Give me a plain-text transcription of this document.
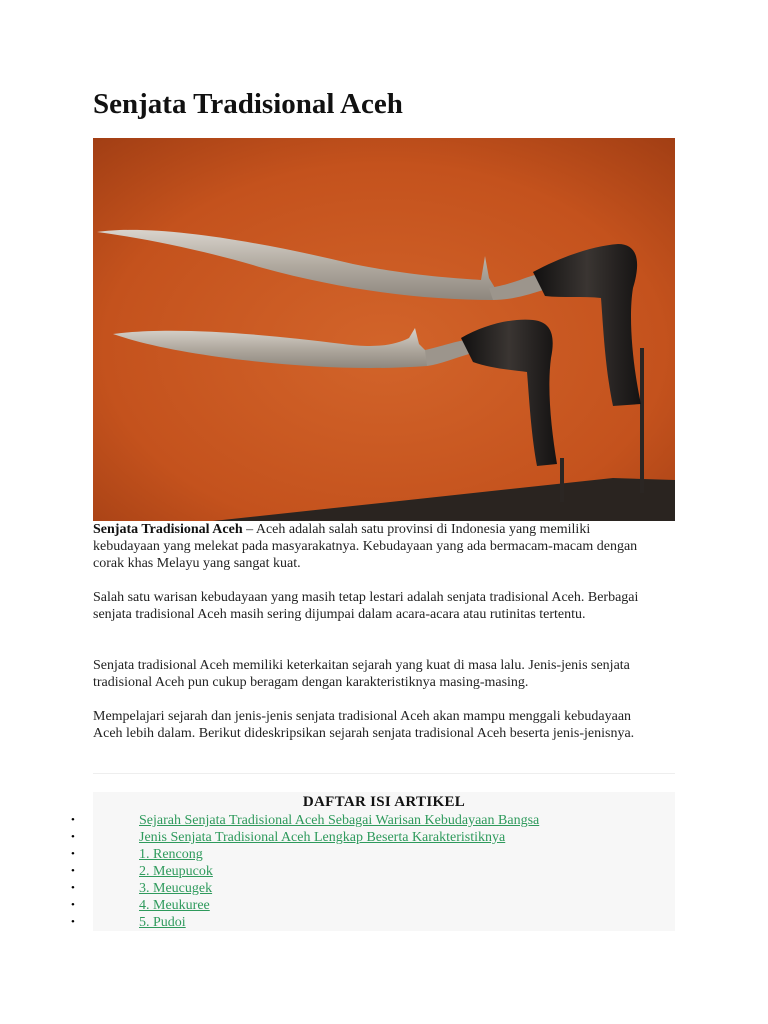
Senjata Tradisional Aceh

Senjata Tradisional Aceh – Aceh adalah salah satu provinsi di Indonesia yang memiliki kebudayaan yang melekat pada masyarakatnya. Kebudayaan yang ada bermacam-macam dengan corak khas Melayu yang sangat kuat.

Salah satu warisan kebudayaan yang masih tetap lestari adalah senjata tradisional Aceh. Berbagai senjata tradisional Aceh masih sering dijumpai dalam acara-acara atau rutinitas tertentu.

Senjata tradisional Aceh memiliki keterkaitan sejarah yang kuat di masa lalu. Jenis-jenis senjata tradisional Aceh pun cukup beragam dengan karakteristiknya masing-masing.

Mempelajari sejarah dan jenis-jenis senjata tradisional Aceh akan mampu menggali kebudayaan Aceh lebih dalam. Berikut dideskripsikan sejarah senjata tradisional Aceh beserta jenis-jenisnya.

DAFTAR ISI ARTIKEL
•	Sejarah Senjata Tradisional Aceh Sebagai Warisan Kebudayaan Bangsa
•	Jenis Senjata Tradisional Aceh Lengkap Beserta Karakteristiknya
•	1. Rencong
•	2. Meupucok
•	3. Meucugek
•	4. Meukuree
•	5. Pudoi
